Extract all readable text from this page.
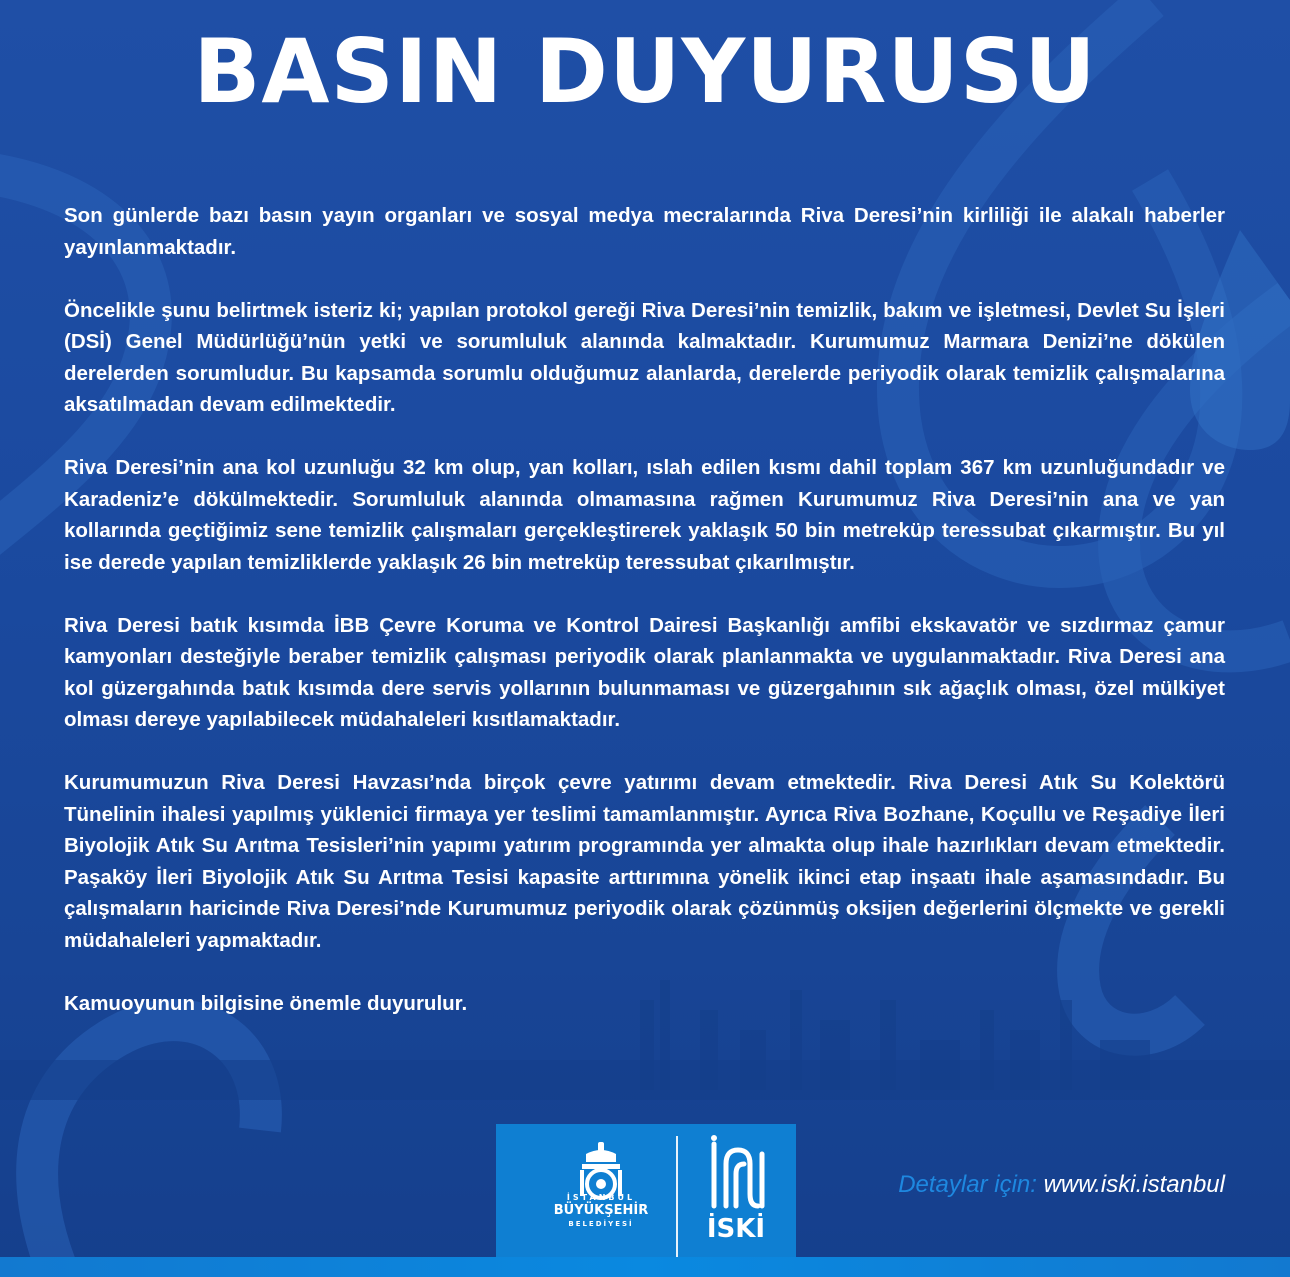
BASIN DUYURUSU

Son günlerde bazı basın yayın organları ve sosyal medya mecralarında Riva Deresi’nin kirliliği ile alakalı haberler yayınlanmaktadır.

Öncelikle şunu belirtmek isteriz ki; yapılan protokol gereği Riva Deresi’nin temizlik, bakım ve işletmesi, Devlet Su İşleri (DSİ) Genel Müdürlüğü’nün yetki ve sorumluluk alanında kalmaktadır. Kurumumuz Marmara Denizi’ne dökülen derelerden sorumludur. Bu kapsamda sorumlu olduğumuz alanlarda, derelerde periyodik olarak temizlik çalışmalarına aksatılmadan devam edilmektedir.

Riva Deresi’nin ana kol uzunluğu 32 km olup, yan kolları, ıslah edilen kısmı dahil toplam 367 km uzunluğundadır ve Karadeniz’e dökülmektedir. Sorumluluk alanında olmamasına rağmen Kurumumuz Riva Deresi’nin ana ve yan kollarında geçtiğimiz sene temizlik çalışmaları gerçekleştirerek yaklaşık 50 bin metreküp teressubat çıkarmıştır. Bu yıl ise derede yapılan temizliklerde yaklaşık 26 bin metreküp teressubat çıkarılmıştır.

Riva Deresi batık kısımda İBB Çevre Koruma ve Kontrol Dairesi Başkanlığı amfibi ekskavatör ve sızdırmaz çamur kamyonları desteğiyle beraber temizlik çalışması periyodik olarak planlanmakta ve uygulanmaktadır. Riva Deresi ana kol güzergahında batık kısımda dere servis yollarının bulunmaması ve güzergahının sık ağaçlık olması, özel mülkiyet olması dereye yapılabilecek müdahaleleri kısıtlamaktadır.

Kurumumuzun Riva Deresi Havzası’nda birçok çevre yatırımı devam etmektedir. Riva Deresi Atık Su Kolektörü Tünelinin ihalesi yapılmış yüklenici firmaya yer teslimi tamamlanmıştır. Ayrıca Riva Bozhane, Koçullu ve Reşadiye İleri Biyolojik Atık Su Arıtma Tesisleri’nin yapımı yatırım programında yer almakta olup ihale hazırlıkları devam etmektedir. Paşaköy İleri Biyolojik Atık Su Arıtma Tesisi kapasite arttırımına yönelik ikinci etap inşaatı ihale aşamasındadır. Bu çalışmaların haricinde Riva Deresi’nde Kurumumuz periyodik olarak çözünmüş oksijen değerlerini ölçmekte ve gerekli müdahaleleri yapmaktadır.

Kamuoyunun bilgisine önemle duyurulur.

İSTANBUL
BÜYÜKŞEHİR
BELEDİYESİ	İSKİ
Detaylar için: www.iski.istanbul
